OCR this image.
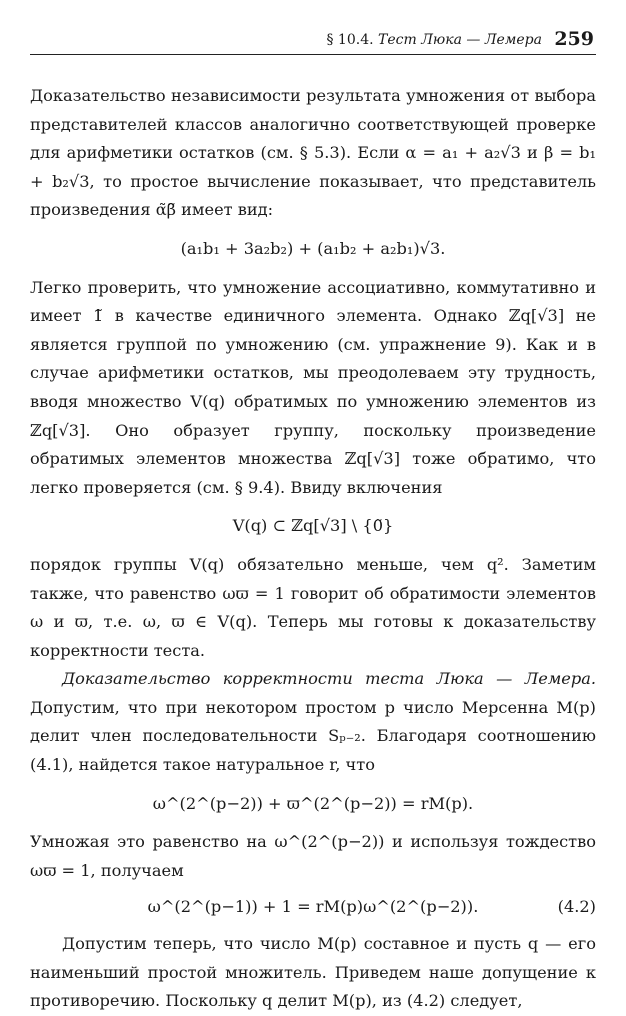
§ 10.4. Тест Люка — Лемера 259

Доказательство независимости результата умножения от выбора представителей классов аналогично соответствующей проверке для арифметики остатков (см. § 5.3). Если α = a₁ + a₂√3 и β = b₁ + b₂√3, то простое вычисление показывает, что представитель произведения α̃β̃ имеет вид:

(a₁b₁ + 3a₂b₂) + (a₁b₂ + a₂b₁)√3.

Легко проверить, что умножение ассоциативно, коммутативно и имеет 1̃ в качестве единичного элемента. Однако ℤq[√3] не является группой по умножению (см. упражнение 9). Как и в случае арифметики остатков, мы преодолеваем эту трудность, вводя множество V(q) обратимых по умножению элементов из ℤq[√3]. Оно образует группу, поскольку произведение обратимых элементов множества ℤq[√3] тоже обратимо, что легко проверяется (см. § 9.4). Ввиду включения

V(q) ⊂ ℤq[√3] \ {0̃}

порядок группы V(q) обязательно меньше, чем q². Заметим также, что равенство ωϖ = 1 говорит об обратимости элементов ω и ϖ, т.е. ω, ϖ ∈ V(q). Теперь мы готовы к доказательству корректности теста.

Доказательство корректности теста Люка — Лемера. Допустим, что при некотором простом p число Мерсенна M(p) делит член последовательности Sₚ₋₂. Благодаря соотношению (4.1), найдется такое натуральное r, что

ω^(2^(p−2)) + ϖ^(2^(p−2)) = rM(p).

Умножая это равенство на ω^(2^(p−2)) и используя тождество ωϖ = 1, получаем

ω^(2^(p−1)) + 1 = rM(p)ω^(2^(p−2)).	(4.2)

Допустим теперь, что число M(p) составное и пусть q — его наименьший простой множитель. Приведем наше допущение к противоречию. Поскольку q делит M(p), из (4.2) следует,
